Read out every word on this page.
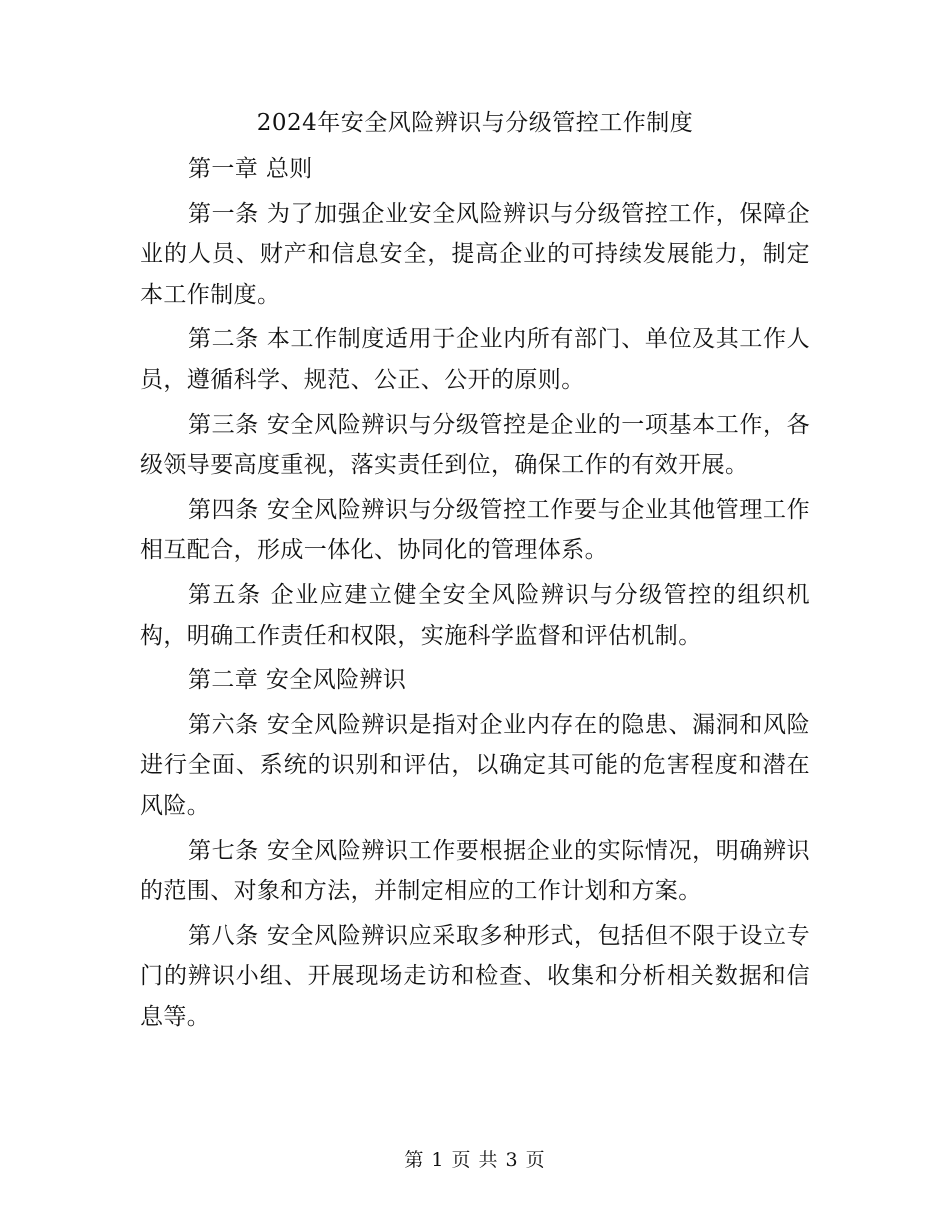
2024年安全风险辨识与分级管控工作制度

第一章 总则

第一条 为了加强企业安全风险辨识与分级管控工作，保障企业的人员、财产和信息安全，提高企业的可持续发展能力，制定本工作制度。

第二条 本工作制度适用于企业内所有部门、单位及其工作人员，遵循科学、规范、公正、公开的原则。

第三条 安全风险辨识与分级管控是企业的一项基本工作，各级领导要高度重视，落实责任到位，确保工作的有效开展。

第四条 安全风险辨识与分级管控工作要与企业其他管理工作相互配合，形成一体化、协同化的管理体系。

第五条 企业应建立健全安全风险辨识与分级管控的组织机构，明确工作责任和权限，实施科学监督和评估机制。

第二章 安全风险辨识

第六条 安全风险辨识是指对企业内存在的隐患、漏洞和风险进行全面、系统的识别和评估，以确定其可能的危害程度和潜在风险。

第七条 安全风险辨识工作要根据企业的实际情况，明确辨识的范围、对象和方法，并制定相应的工作计划和方案。

第八条 安全风险辨识应采取多种形式，包括但不限于设立专门的辨识小组、开展现场走访和检查、收集和分析相关数据和信息等。

第 1 页 共 3 页
